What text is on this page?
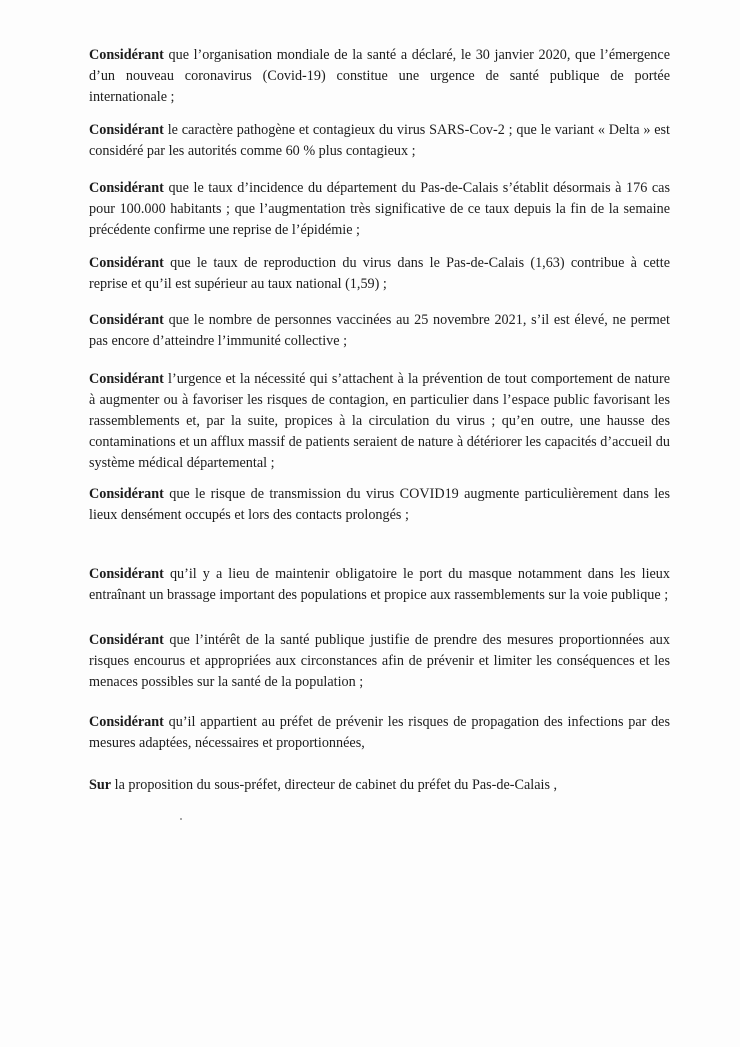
Considérant que l’organisation mondiale de la santé a déclaré, le 30 janvier 2020, que l’émergence d’un nouveau coronavirus (Covid-19) constitue une urgence de santé publique de portée internationale ;

Considérant le caractère pathogène et contagieux du virus SARS-Cov-2 ; que le variant « Delta » est considéré par les autorités comme 60 % plus contagieux ;

Considérant que le taux d’incidence du département du Pas-de-Calais s’établit désormais à 176 cas pour 100.000 habitants ; que l’augmentation très significative de ce taux depuis la fin de la semaine précédente confirme une reprise de l’épidémie ;

Considérant que le taux de reproduction du virus dans le Pas-de-Calais (1,63) contribue à cette reprise et qu’il est supérieur au taux national (1,59) ;

Considérant que le nombre de personnes vaccinées au 25 novembre 2021, s’il est élevé, ne permet pas encore d’atteindre l’immunité collective ;

Considérant l’urgence et la nécessité qui s’attachent à la prévention de tout comportement de nature à augmenter ou à favoriser les risques de contagion, en particulier dans l’espace public favorisant les rassemblements et, par la suite, propices à la circulation du virus ; qu’en outre, une hausse des contaminations et un afflux massif de patients seraient de nature à détériorer les capacités d’accueil du système médical départemental ;

Considérant que le risque de transmission du virus COVID19 augmente particulièrement dans les lieux densément occupés et lors des contacts prolongés ;

Considérant qu’il y a lieu de maintenir obligatoire le port du masque notamment dans les lieux entraînant un brassage important des populations et propice aux rassemblements sur la voie publique ;

Considérant que l’intérêt de la santé publique justifie de prendre des mesures proportionnées aux risques encourus et appropriées aux circonstances afin de prévenir et limiter les conséquences et les menaces possibles sur la santé de la population ;

Considérant qu’il appartient au préfet de prévenir les risques de propagation des infections par des mesures adaptées, nécessaires et proportionnées,

Sur la proposition du sous-préfet, directeur de cabinet du préfet du Pas-de-Calais ,
